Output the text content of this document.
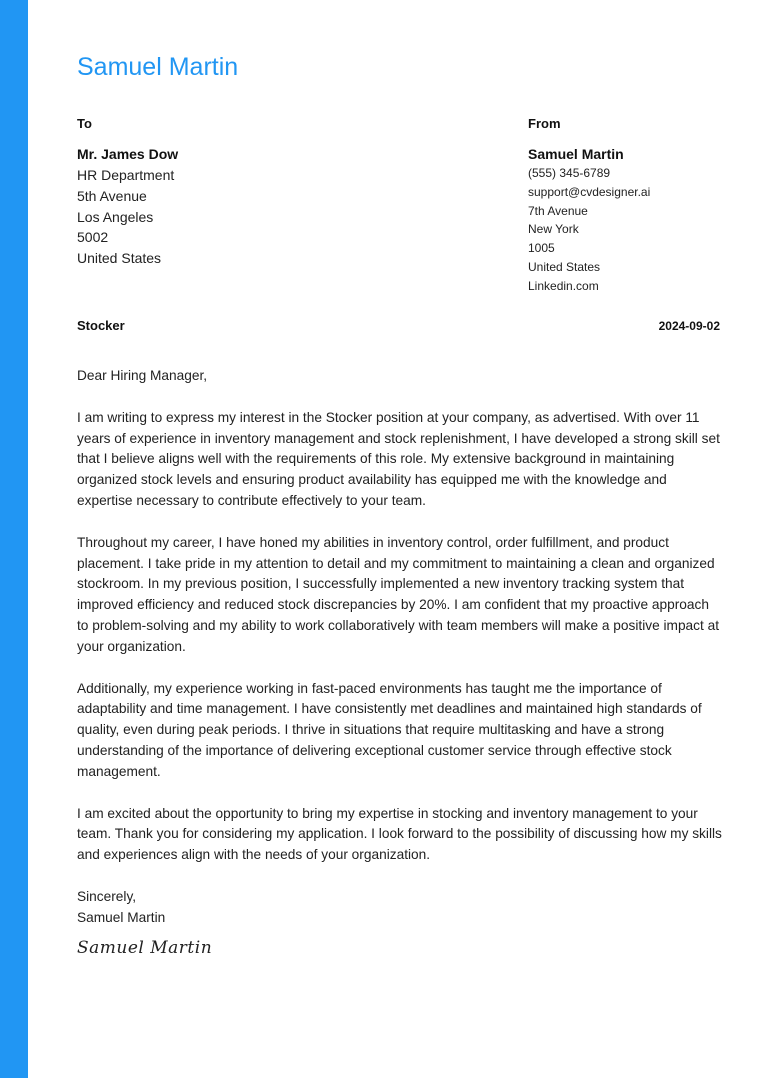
Samuel Martin
To	From
Mr. James Dow
HR Department
5th Avenue
Los Angeles
5002
United States
Samuel Martin
(555) 345-6789
support@cvdesigner.ai
7th Avenue
New York
1005
United States
Linkedin.com
Stocker	2024-09-02

Dear Hiring Manager,

I am writing to express my interest in the Stocker position at your company, as advertised. With over 11 years of experience in inventory management and stock replenishment, I have developed a strong skill set that I believe aligns well with the requirements of this role. My extensive background in maintaining organized stock levels and ensuring product availability has equipped me with the knowledge and expertise necessary to contribute effectively to your team.

Throughout my career, I have honed my abilities in inventory control, order fulfillment, and product placement. I take pride in my attention to detail and my commitment to maintaining a clean and organized stockroom. In my previous position, I successfully implemented a new inventory tracking system that improved efficiency and reduced stock discrepancies by 20%. I am confident that my proactive approach to problem-solving and my ability to work collaboratively with team members will make a positive impact at your organization.

Additionally, my experience working in fast-paced environments has taught me the importance of adaptability and time management. I have consistently met deadlines and maintained high standards of quality, even during peak periods. I thrive in situations that require multitasking and have a strong understanding of the importance of delivering exceptional customer service through effective stock management.

I am excited about the opportunity to bring my expertise in stocking and inventory management to your team. Thank you for considering my application. I look forward to the possibility of discussing how my skills and experiences align with the needs of your organization.

Sincerely,
Samuel Martin
Samuel Martin
